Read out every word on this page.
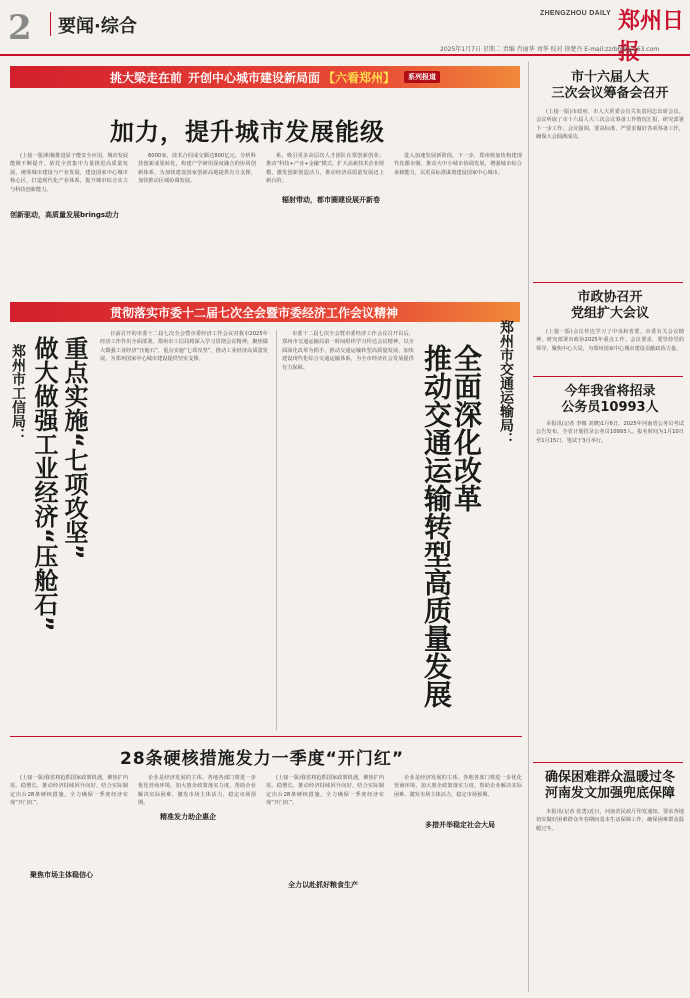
2 要闻·综合
ZHENGZHOU DAILY 郑州日报
2025年1月7日 星期二 责编 肖丽华 刘华 校对 徐楚丹 E-mail:zzrbbjb@163.com
挑大梁走在前 开创中心城市建设新局面 【六看郑州】	系列报道
加力，提升城市发展能级

(上接一版)积极推进原子能安全应用，城市发展能级不断提升。依托全省集中力量推进高质量发展，统筹城市建设与产业发展，建设国家中心城市核心区，打造现代化产业体系，提升城市综合实力与科技创新能力。

创新驱动，高质量发展brings动力

6000家，技术合同成交额达800亿元。分析科技创新成果转化，构建产学研用深度融合的协同创新体系，为加快建设国家创新高地提供有力支撑，加快推动区域协调发展。

系，吸引更多高层次人才团队在郑创新创业；推动“科技+产业+金融”模式，扩大高新技术企业规模，激发创新创造活力，推动经济高质量发展迈上新台阶。

辐射带动，都市圈建设展开新卷

进入加速发展新阶段。下一步，郑州将加快构建现代化都市圈，推动大中小城市协调发展，增强城市综合承载能力，以更高标准谋划建设国家中心城市。

贯彻落实市委十二届七次全会暨市委经济工作会议精神
郑州市工信局： 做大做强工业经济“压舱石” 重点实施“七项攻坚”

日前召开的市委十二届七次全会暨市委经济工作会议对我市2025年经济工作作出全面部署。郑州市工信局将深入学习贯彻会议精神，聚焦做大做强工业经济“压舱石”，重点实施“七项攻坚”，推动工业经济高质量发展，为郑州国家中心城市建设提供坚实支撑。

市委十二届七次全会暨市委经济工作会议召开以后，郑州市交通运输局第一时间组织学习传达会议精神，以全面深化改革为抓手，推动交通运输转型高质量发展，加快建设现代化综合交通运输体系，为全市经济社会发展提供有力保障。	郑州市交通运输局：
全面深化改革
推动交通运输转型高质量发展
28条硬核措施发力一季度“开门红”

(上接一版)我省将抢抓国家政策机遇，聚焦扩内需、稳增长，推动经济持续回升向好，结合实际制定出台28条硬核措施，全力确保一季度经济实现“开门红”。

聚焦市场主体稳信心

企业是经济发展的主体。各地各部门将进一步优化营商环境，加大惠企政策落实力度，帮助企业解决实际困难，激发市场主体活力，稳定市场预期。

精准发力助企惠企

(上接一版)我省将抢抓国家政策机遇，聚焦扩内需、稳增长，推动经济持续回升向好，结合实际制定出台28条硬核措施，全力确保一季度经济实现“开门红”。

全力以赴抓好粮食生产
多措并举稳定社会大局

企业是经济发展的主体。各地各部门将进一步优化营商环境，加大惠企政策落实力度，帮助企业解决实际困难，激发市场主体活力，稳定市场预期。

市十六届人大
三次会议筹备会召开

(上接一版)市政府、市人大常委会有关负责同志出席会议。会议听取了市十六届人大三次会议筹备工作情况汇报，研究部署下一步工作。会议强调，要高标准、严要求做好各项筹备工作，确保大会圆满成功。

市政协召开
党组扩大会议

(上接一版)会议传达学习了中央和省委、市委有关会议精神，研究部署市政协2025年重点工作。会议要求，要坚持党的领导，聚焦中心大局，为郑州国家中心城市建设贡献政协力量。

今年我省将招录
公务员10993人

本报讯(记者 李娜 刘晓)1月6日，2025年河南省公务员考试公告发布，全省计划招录公务员10993人。报名时间为1月10日至1月15日，笔试于3月举行。

确保困难群众温暖过冬
河南发文加强兜底保障

本报讯(记者 张勇)近日，河南省民政厅印发通知，要求各地切实做好困难群众冬春期间基本生活保障工作，确保困难群众温暖过冬。
